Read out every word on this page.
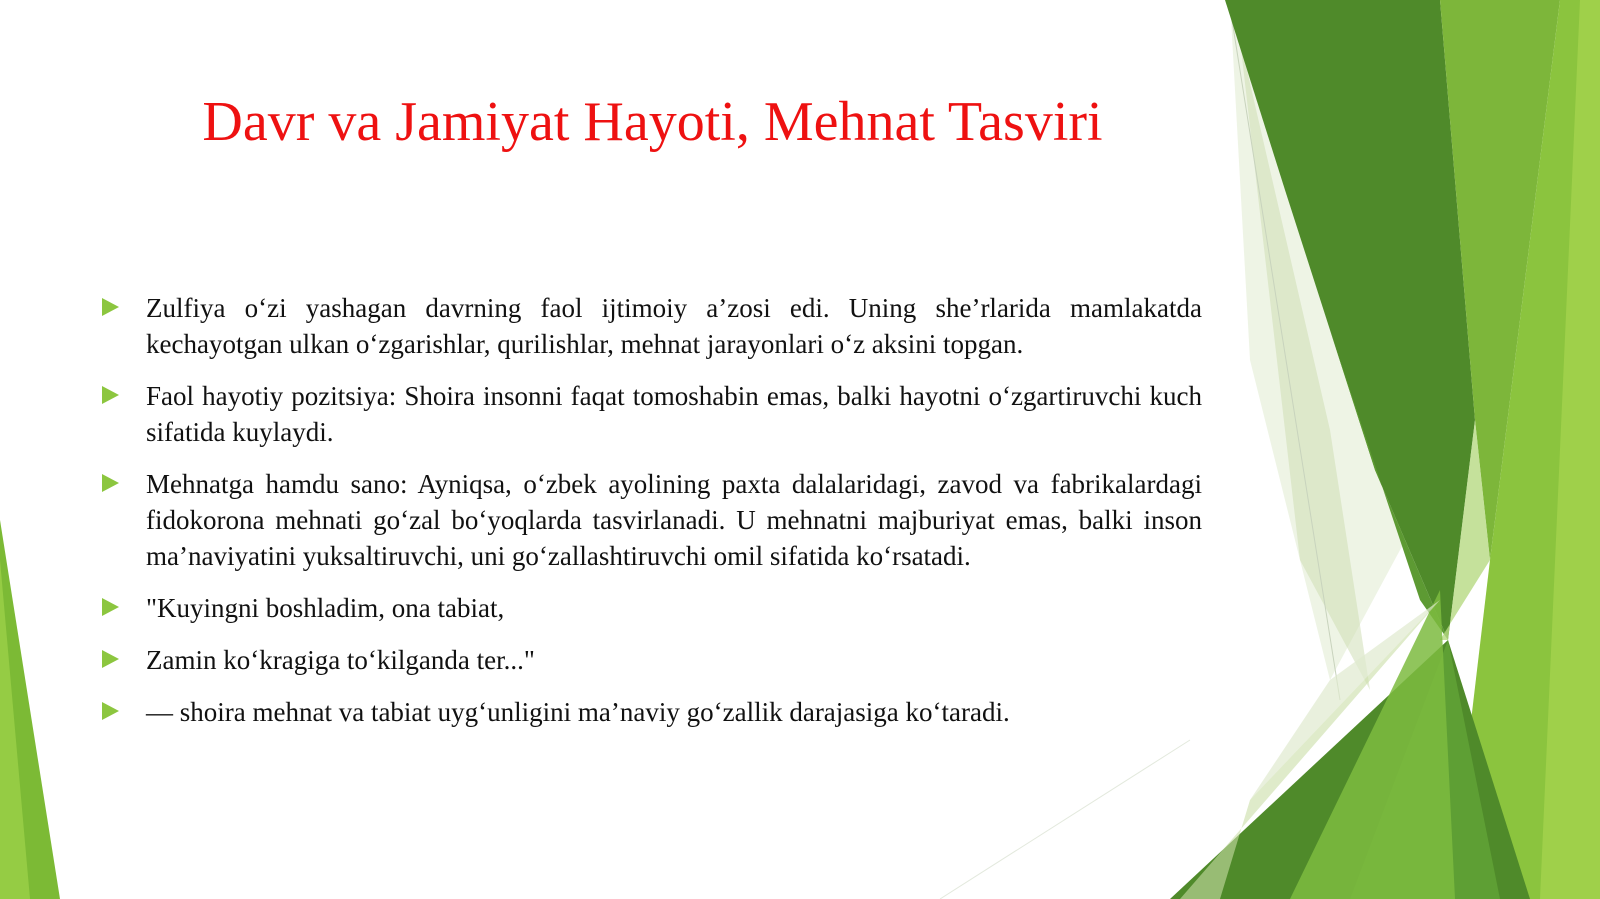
Davr va Jamiyat Hayoti, Mehnat Tasviri
Zulfiya o‘zi yashagan davrning faol ijtimoiy a’zosi edi. Uning she’rlarida mamlakatda kechayotgan ulkan o‘zgarishlar, qurilishlar, mehnat jarayonlari o‘z aksini topgan.
Faol hayotiy pozitsiya: Shoira insonni faqat tomoshabin emas, balki hayotni o‘zgartiruvchi kuch sifatida kuylaydi.
Mehnatga hamdu sano: Ayniqsa, o‘zbek ayolining paxta dalalaridagi, zavod va fabrikalardagi fidokorona mehnati go‘zal bo‘yoqlarda tasvirlanadi. U mehnatni majburiyat emas, balki inson ma’naviyatini yuksaltiruvchi, uni go‘zallashtiruvchi omil sifatida ko‘rsatadi.
"Kuyingni boshladim, ona tabiat,
Zamin ko‘kragiga to‘kilganda ter..."
— shoira mehnat va tabiat uyg‘unligini ma’naviy go‘zallik darajasiga ko‘taradi.
